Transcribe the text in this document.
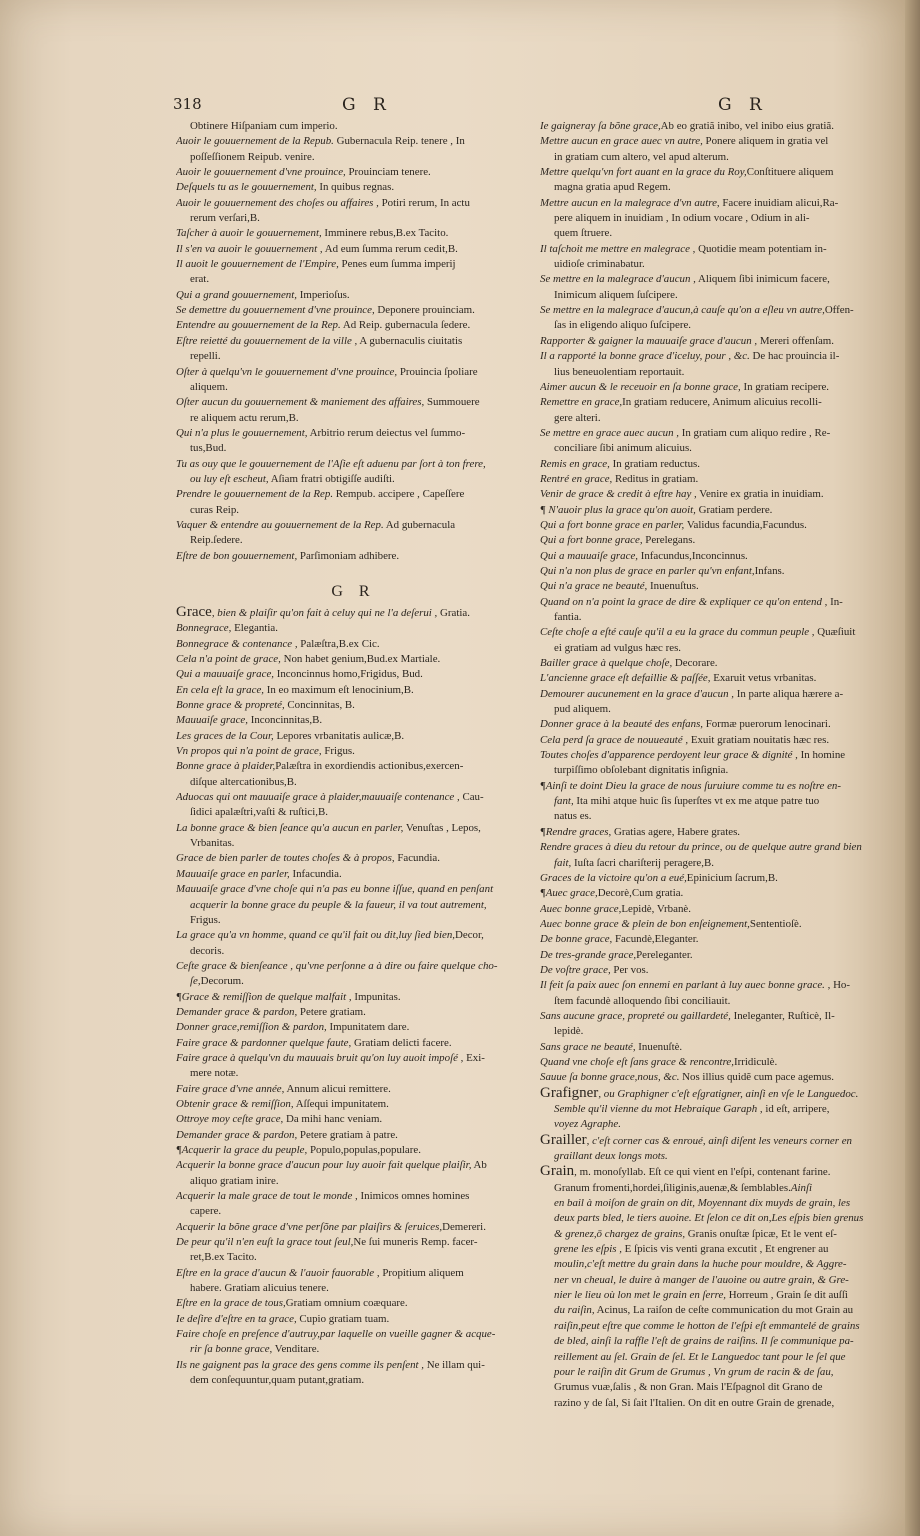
318	G R	G R
Obtinere Hiſpaniam cum imperio.
Auoir le gouuernement de la Repub. Gubernacula Reip. tenere , In
poſſeſſionem Reipub. venire.
Auoir le gouuernement d'vne prouince, Prouinciam tenere.
Deſquels tu as le gouuernement, In quibus regnas.
Auoir le gouuernement des choſes ou affaires , Potiri rerum, In actu
rerum verſari,B.
Taſcher à auoir le gouuernement, Imminere rebus,B.ex Tacito.
Il s'en va auoir le gouuernement , Ad eum ſumma rerum cedit,B.
Il auoit le gouuernement de l'Empire, Penes eum ſumma imperij
erat.
Qui a grand gouuernement, Imperioſus.
Se demettre du gouuernement d'vne prouince, Deponere prouinciam.
Entendre au gouuernement de la Rep. Ad Reip. gubernacula ſedere.
Eſtre reietté du gouuernement de la ville , A gubernaculis ciuitatis
repelli.
Oſter à quelqu'vn le gouuernement d'vne prouince, Prouincia ſpoliare
aliquem.
Oſter aucun du gouuernement & maniement des affaires, Summouere
re aliquem actu rerum,B.
Qui n'a plus le gouuernement, Arbitrio rerum deiectus vel ſummo-
tus,Bud.
Tu as ouy que le gouuernement de l'Aſie eſt aduenu par ſort à ton frere,
ou luy eſt escheut, Aſiam fratri obtigiſſe audiſti.
Prendre le gouuernement de la Rep. Rempub. accipere , Capeſſere
curas Reip.
Vaquer & entendre au gouuernement de la Rep. Ad gubernacula
Reip.ſedere.
Eſtre de bon gouuernement, Parſimoniam adhibere.
G R
Grace, bien & plaiſir qu'on fait à celuy qui ne l'a deſerui , Gratia.
Bonnegrace, Elegantia.
Bonnegrace & contenance , Palæſtra,B.ex Cic.
Cela n'a point de grace, Non habet genium,Bud.ex Martiale.
Qui a mauuaiſe grace, Inconcinnus homo,Frigidus, Bud.
En cela eſt la grace, In eo maximum eſt lenocinium,B.
Bonne grace & propreté, Concinnitas, B.
Mauuaiſe grace, Inconcinnitas,B.
Les graces de la Cour, Lepores vrbanitatis aulicæ,B.
Vn propos qui n'a point de grace, Frigus.
Bonne grace à plaider,Palæſtra in exordiendis actionibus,exercen-
diſque altercationibus,B.
Aduocas qui ont mauuaiſe grace à plaider,mauuaiſe contenance , Cau-
ſidici apalæſtri,vaſti & ruſtici,B.
La bonne grace & bien ſeance qu'a aucun en parler, Venuſtas , Lepos,
Vrbanitas.
Grace de bien parler de toutes choſes & à propos, Facundia.
Mauuaiſe grace en parler, Infacundia.
Mauuaiſe grace d'vne choſe qui n'a pas eu bonne iſſue, quand en penſant
acquerir la bonne grace du peuple & la faueur, il va tout autrement,
Frigus.
La grace qu'a vn homme, quand ce qu'il fait ou dit,luy ſied bien,Decor,
decoris.
Ceſte grace & bienſeance , qu'vne perſonne a à dire ou faire quelque cho-
ſe,Decorum.
¶Grace & remiſſion de quelque malfait , Impunitas.
Demander grace & pardon, Petere gratiam.
Donner grace,remiſſion & pardon, Impunitatem dare.
Faire grace & pardonner quelque faute, Gratiam delicti facere.
Faire grace à quelqu'vn du mauuais bruit qu'on luy auoit impoſé , Exi-
mere notæ.
Faire grace d'vne année, Annum alicui remittere.
Obtenir grace & remiſſion, Aſſequi impunitatem.
Ottroye moy ceſte grace, Da mihi hanc veniam.
Demander grace & pardon, Petere gratiam à patre.
¶Acquerir la grace du peuple, Populo,populas,populare.
Acquerir la bonne grace d'aucun pour luy auoir fait quelque plaiſir, Ab
aliquo gratiam inire.
Acquerir la male grace de tout le monde , Inimicos omnes homines
capere.
Acquerir la bõne grace d'vne perſõne par plaiſirs & ſeruices,Demereri.
De peur qu'il n'en euſt la grace tout ſeul,Ne ſui muneris Remp. facer-
ret,B.ex Tacito.
Eſtre en la grace d'aucun & l'auoir fauorable , Propitium aliquem
habere. Gratiam alicuius tenere.
Eſtre en la grace de tous,Gratiam omnium coæquare.
Ie deſire d'eſtre en ta grace, Cupio gratiam tuam.
Faire choſe en preſence d'autruy,par laquelle on vueille gagner & acque-
rir ſa bonne grace, Venditare.
Ils ne gaignent pas la grace des gens comme ils penſent , Ne illam qui-
dem conſequuntur,quam putant,gratiam.
Ie gaigneray ſa bõne grace,Ab eo gratiã inibo, vel inibo eius gratiã.
Mettre aucun en grace auec vn autre, Ponere aliquem in gratia vel
in gratiam cum altero, vel apud alterum.
Mettre quelqu'vn fort auant en la grace du Roy,Conſtituere aliquem
magna gratia apud Regem.
Mettre aucun en la malegrace d'vn autre, Facere inuidiam alicui,Ra-
pere aliquem in inuidiam , In odium vocare , Odium in ali-
quem ſtruere.
Il taſchoit me mettre en malegrace , Quotidie meam potentiam in-
uidioſe criminabatur.
Se mettre en la malegrace d'aucun , Aliquem ſibi inimicum facere,
Inimicum aliquem ſuſcipere.
Se mettre en la malegrace d'aucun,à cauſe qu'on a eſleu vn autre,Offen-
ſas in eligendo aliquo ſuſcipere.
Rapporter & gaigner la mauuaiſe grace d'aucun , Mereri offenſam.
Il a rapporté la bonne grace d'iceluy, pour , &c. De hac prouincia il-
lius beneuolentiam reportauit.
Aimer aucun & le receuoir en ſa bonne grace, In gratiam recipere.
Remettre en grace,In gratiam reducere, Animum alicuius recolli-
gere alteri.
Se mettre en grace auec aucun , In gratiam cum aliquo redire , Re-
conciliare ſibi animum alicuius.
Remis en grace, In gratiam reductus.
Rentré en grace, Reditus in gratiam.
Venir de grace & credit à eſtre hay , Venire ex gratia in inuidiam.
¶ N'auoir plus la grace qu'on auoit, Gratiam perdere.
Qui a fort bonne grace en parler, Validus facundia,Facundus.
Qui a fort bonne grace, Perelegans.
Qui a mauuaiſe grace, Infacundus,Inconcinnus.
Qui n'a non plus de grace en parler qu'vn enfant,Infans.
Qui n'a grace ne beauté, Inuenuſtus.
Quand on n'a point la grace de dire & expliquer ce qu'on entend , In-
fantia.
Ceſte choſe a eſté cauſe qu'il a eu la grace du commun peuple , Quæſiuit
ei gratiam ad vulgus hæc res.
Bailler grace à quelque choſe, Decorare.
L'ancienne grace eſt defaillie & paſſée, Exaruit vetus vrbanitas.
Demourer aucunement en la grace d'aucun , In parte aliqua hærere a-
pud aliquem.
Donner grace à la beauté des enfans, Formæ puerorum lenocinari.
Cela perd ſa grace de nouueauté , Exuit gratiam nouitatis hæc res.
Toutes choſes d'apparence perdoyent leur grace & dignité , In homine
turpiſſimo obſolebant dignitatis inſignia.
¶Ainſi te doint Dieu la grace de nous ſuruiure comme tu es noſtre en-
fant, Ita mihi atque huic ſis ſuperſtes vt ex me atque patre tuo
natus es.
¶Rendre graces, Gratias agere, Habere grates.
Rendre graces à dieu du retour du prince, ou de quelque autre grand bien
fait, Iuſta ſacri chariſterij peragere,B.
Graces de la victoire qu'on a eué,Epinicium ſacrum,B.
¶Auec grace,Decorè,Cum gratia.
Auec bonne grace,Lepidè, Vrbanè.
Auec bonne grace & plein de bon enſeignement,Sententioſè.
De bonne grace, Facundè,Eleganter.
De tres-grande grace,Pereleganter.
De voſtre grace, Per vos.
Il feit ſa paix auec ſon ennemi en parlant à luy auec bonne grace. , Ho-
ſtem facundè alloquendo ſibi conciliauit.
Sans aucune grace, propreté ou gaillardeté, Ineleganter, Ruſticè, Il-
lepidè.
Sans grace ne beauté, Inuenuſtè.
Quand vne choſe eſt ſans grace & rencontre,Irridiculè.
Sauue ſa bonne grace,nous, &c. Nos illius quidẽ cum pace agemus.
Grafigner, ou Graphigner c'eſt eſgratigner, ainſi en vſe le Languedoc.
Semble qu'il vienne du mot Hebraique Garaph , id eſt, arripere,
voyez Agraphe.
Grailler, c'eſt corner cas & enroué, ainſi diſent les veneurs corner en
graillant deux longs mots.
Grain, m. monoſyllab. Eſt ce qui vient en l'eſpi, contenant farine.
Granum fromenti,hordei,ſiliginis,auenæ,& ſemblables.Ainſi
en bail à moiſon de grain on dit, Moyennant dix muyds de grain, les
deux parts bled, le tiers auoine. Et ſelon ce dit on,Les eſpis bien grenus
& grenez,ō chargez de grains, Granis onuſtæ ſpicæ, Et le vent eſ-
grene les eſpis , E ſpicis vis venti grana excutit , Et engrener au
moulin,c'eſt mettre du grain dans la huche pour mouldre, & Aggre-
ner vn cheual, le duire à manger de l'auoine ou autre grain, & Gre-
nier le lieu où lon met le grain en ſerre, Horreum , Grain ſe dit auſſi
du raiſin, Acinus, La raiſon de ceſte communication du mot Grain au
raiſin,peut eſtre que comme le hotton de l'eſpi eſt emmantelé de grains
de bled, ainſi la raffle l'eſt de grains de raiſins. Il ſe communique pa-
reillement au ſel. Grain de ſel. Et le Languedoc tant pour le ſel que
pour le raiſin dit Grum de Grumus , Vn grum de racin & de ſau,
Grumus vuæ,ſalis , & non Gran. Mais l'Eſpagnol dit Grano de
razino y de ſal, Si ſait l'Italien. On dit en outre Grain de grenade,
